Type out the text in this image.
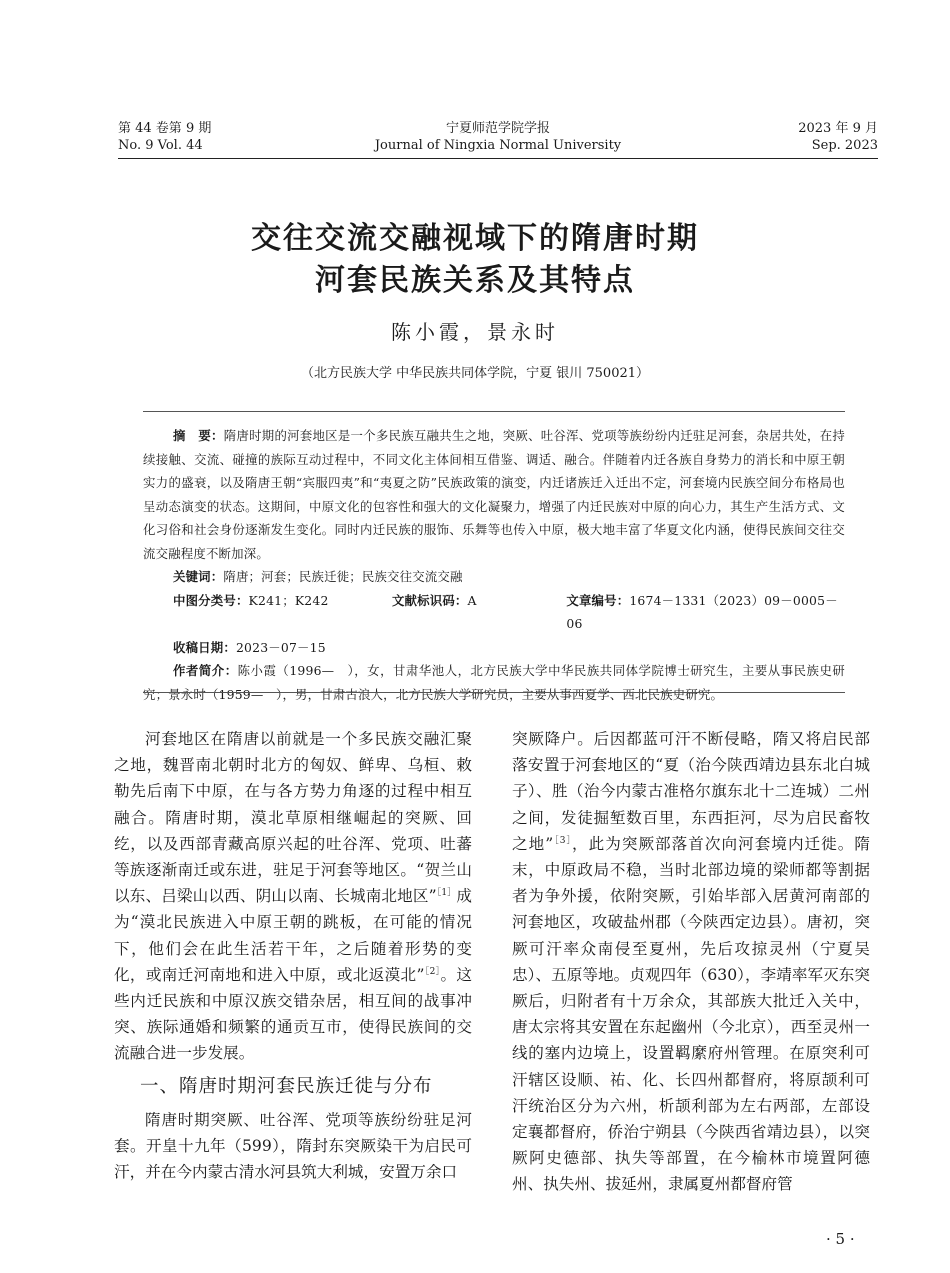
第 44 卷第 9 期
No. 9 Vol. 44
宁夏师范学院学报
Journal of Ningxia Normal University
2023 年 9 月
Sep. 2023
交往交流交融视域下的隋唐时期
河套民族关系及其特点
陈小霞，景永时
（北方民族大学 中华民族共同体学院，宁夏 银川 750021）

摘　要：隋唐时期的河套地区是一个多民族互融共生之地，突厥、吐谷浑、党项等族纷纷内迁驻足河套，杂居共处，在持续接触、交流、碰撞的族际互动过程中，不同文化主体间相互借鉴、调适、融合。伴随着内迁各族自身势力的消长和中原王朝实力的盛衰，以及隋唐王朝“宾服四夷”和“夷夏之防”民族政策的演变，内迁诸族迁入迁出不定，河套境内民族空间分布格局也呈动态演变的状态。这期间，中原文化的包容性和强大的文化凝聚力，增强了内迁民族对中原的向心力，其生产生活方式、文化习俗和社会身份逐渐发生变化。同时内迁民族的服饰、乐舞等也传入中原，极大地丰富了华夏文化内涵，使得民族间交往交流交融程度不断加深。

关键词：隋唐；河套；民族迁徙；民族交往交流交融

中图分类号：K241；K242	文献标识码：A	文章编号：1674－1331（2023）09－0005－06

收稿日期：2023－07－15

作者简介：陈小霞（1996—　），女，甘肃华池人，北方民族大学中华民族共同体学院博士研究生，主要从事民族史研究；景永时（1959—　），男，甘肃古浪人，北方民族大学研究员，主要从事西夏学、西北民族史研究。

河套地区在隋唐以前就是一个多民族交融汇聚之地，魏晋南北朝时北方的匈奴、鲜卑、乌桓、敕勒先后南下中原，在与各方势力角逐的过程中相互融合。隋唐时期，漠北草原相继崛起的突厥、回纥，以及西部青藏高原兴起的吐谷浑、党项、吐蕃等族逐渐南迁或东进，驻足于河套等地区。“贺兰山以东、吕梁山以西、阴山以南、长城南北地区”$^{[1]}$成为“漠北民族进入中原王朝的跳板，在可能的情况下，他们会在此生活若干年，之后随着形势的变化，或南迁河南地和进入中原，或北返漠北”$^{[2]}$。这些内迁民族和中原汉族交错杂居，相互间的战事冲突、族际通婚和频繁的通贡互市，使得民族间的交流融合进一步发展。

一、隋唐时期河套民族迁徙与分布

隋唐时期突厥、吐谷浑、党项等族纷纷驻足河套。开皇十九年（599），隋封东突厥染干为启民可汗，并在今内蒙古清水河县筑大利城，安置万余口

突厥降户。后因都蓝可汗不断侵略，隋又将启民部落安置于河套地区的“夏（治今陕西靖边县东北白城子）、胜（治今内蒙古准格尔旗东北十二连城）二州之间，发徒掘堑数百里，东西拒河，尽为启民畜牧之地”$^{[3]}$，此为突厥部落首次向河套境内迁徙。隋末，中原政局不稳，当时北部边境的梁师都等割据者为争外援，依附突厥，引始毕部入居黄河南部的河套地区，攻破盐州郡（今陕西定边县）。唐初，突厥可汗率众南侵至夏州，先后攻掠灵州（宁夏吴忠）、五原等地。贞观四年（630），李靖率军灭东突厥后，归附者有十万余众，其部族大批迁入关中，唐太宗将其安置在东起幽州（今北京），西至灵州一线的塞内边境上，设置羁縻府州管理。在原突利可汗辖区设顺、祐、化、长四州都督府，将原颉利可汗统治区分为六州，析颉利部为左右两部，左部设定襄都督府，侨治宁朔县（今陕西省靖边县），以突厥阿史德部、执失等部置，在今榆林市境置阿德州、执失州、拔延州，隶属夏州都督府管

· 5 ·
